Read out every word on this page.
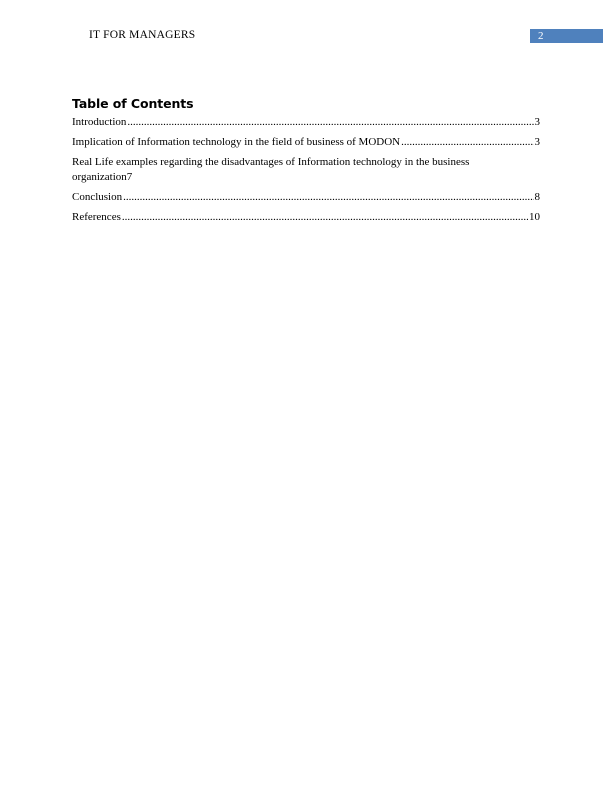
IT FOR MANAGERS	2
Table of Contents
Introduction .....	3
Implication of Information technology in the field of business of MODON .....	3
Real Life examples regarding the disadvantages of Information technology in the business
organization 7
Conclusion .....	8
References .....	10
